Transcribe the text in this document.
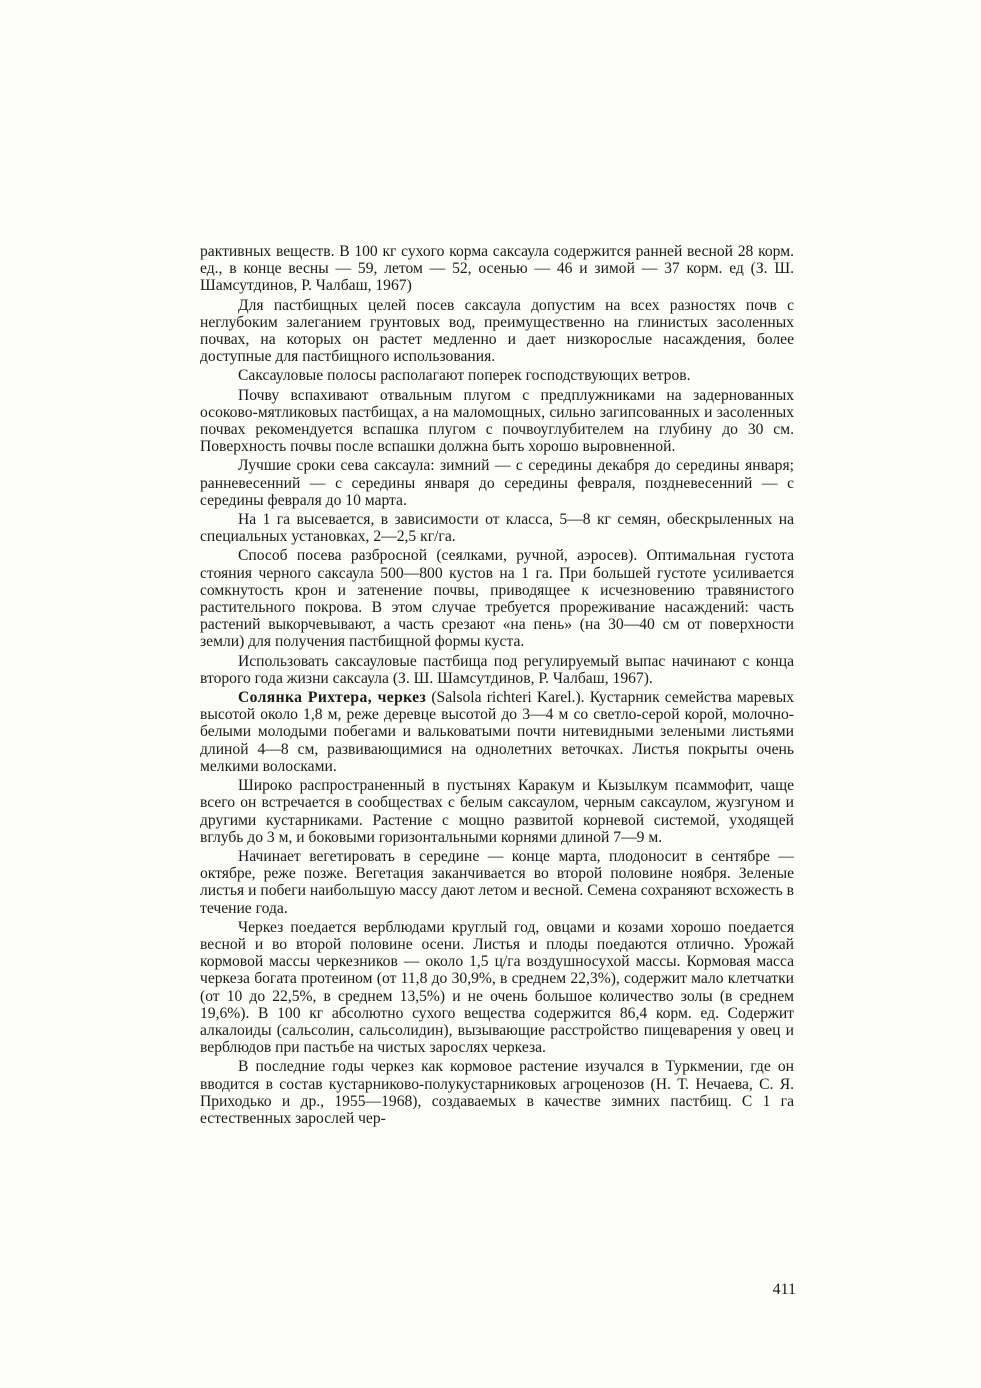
рактивных веществ. В 100 кг сухого корма саксаула содержится ранней весной 28 корм. ед., в конце весны — 59, летом — 52, осенью — 46 и зимой — 37 корм. ед (З. Ш. Шамсутдинов, Р. Чалбаш, 1967)

Для пастбищных целей посев саксаула допустим на всех разностях почв с неглубоким залеганием грунтовых вод, преимущественно на глинистых засоленных почвах, на которых он растет медленно и дает низкорослые насаждения, более доступные для пастбищного использования.

Саксауловые полосы располагают поперек господствующих ветров.

Почву вспахивают отвальным плугом с предплужниками на задернованных осоково-мятликовых пастбищах, а на маломощных, сильно загипсованных и засоленных почвах рекомендуется вспашка плугом с почвоуглубителем на глубину до 30 см. Поверхность почвы после вспашки должна быть хорошо выровненной.

Лучшие сроки сева саксаула: зимний — с середины декабря до середины января; ранневесенний — с середины января до середины февраля, поздневесенний — с середины февраля до 10 марта.

На 1 га высевается, в зависимости от класса, 5—8 кг семян, обескрыленных на специальных установках, 2—2,5 кг/га.

Способ посева разбросной (сеялками, ручной, аэросев). Оптимальная густота стояния черного саксаула 500—800 кустов на 1 га. При большей густоте усиливается сомкнутость крон и затенение почвы, приводящее к исчезновению травянистого растительного покрова. В этом случае требуется прореживание насаждений: часть растений выкорчевывают, а часть срезают «на пень» (на 30—40 см от поверхности земли) для получения пастбищной формы куста.

Использовать саксауловые пастбища под регулируемый выпас начинают с конца второго года жизни саксаула (З. Ш. Шамсутдинов, Р. Чалбаш, 1967).

Солянка Рихтера, черкез (Salsola richteri Karel.). Кустарник семейства маревых высотой около 1,8 м, реже деревце высотой до 3—4 м со светло-серой корой, молочно-белыми молодыми побегами и вальковатыми почти нитевидными зелеными листьями длиной 4—8 см, развивающимися на однолетних веточках. Листья покрыты очень мелкими волосками.

Широко распространенный в пустынях Каракум и Кызылкум псаммофит, чаще всего он встречается в сообществах с белым саксаулом, черным саксаулом, жузгуном и другими кустарниками. Растение с мощно развитой корневой системой, уходящей вглубь до 3 м, и боковыми горизонтальными корнями длиной 7—9 м.

Начинает вегетировать в середине — конце марта, плодоносит в сентябре — октябре, реже позже. Вегетация заканчивается во второй половине ноября. Зеленые листья и побеги наибольшую массу дают летом и весной. Семена сохраняют всхожесть в течение года.

Черкез поедается верблюдами круглый год, овцами и козами хорошо поедается весной и во второй половине осени. Листья и плоды поедаются отлично. Урожай кормовой массы черкезников — около 1,5 ц/га воздушносухой массы. Кормовая масса черкеза богата протеином (от 11,8 до 30,9%, в среднем 22,3%), содержит мало клетчатки (от 10 до 22,5%, в среднем 13,5%) и не очень большое количество золы (в среднем 19,6%). В 100 кг абсолютно сухого вещества содержится 86,4 корм. ед. Содержит алкалоиды (сальсолин, сальсолидин), вызывающие расстройство пищеварения у овец и верблюдов при пастьбе на чистых зарослях черкеза.

В последние годы черкез как кормовое растение изучался в Туркмении, где он вводится в состав кустарниково-полукустарниковых агроценозов (Н. Т. Нечаева, С. Я. Приходько и др., 1955—1968), создаваемых в качестве зимних пастбищ. С 1 га естественных зарослей чер-

411
